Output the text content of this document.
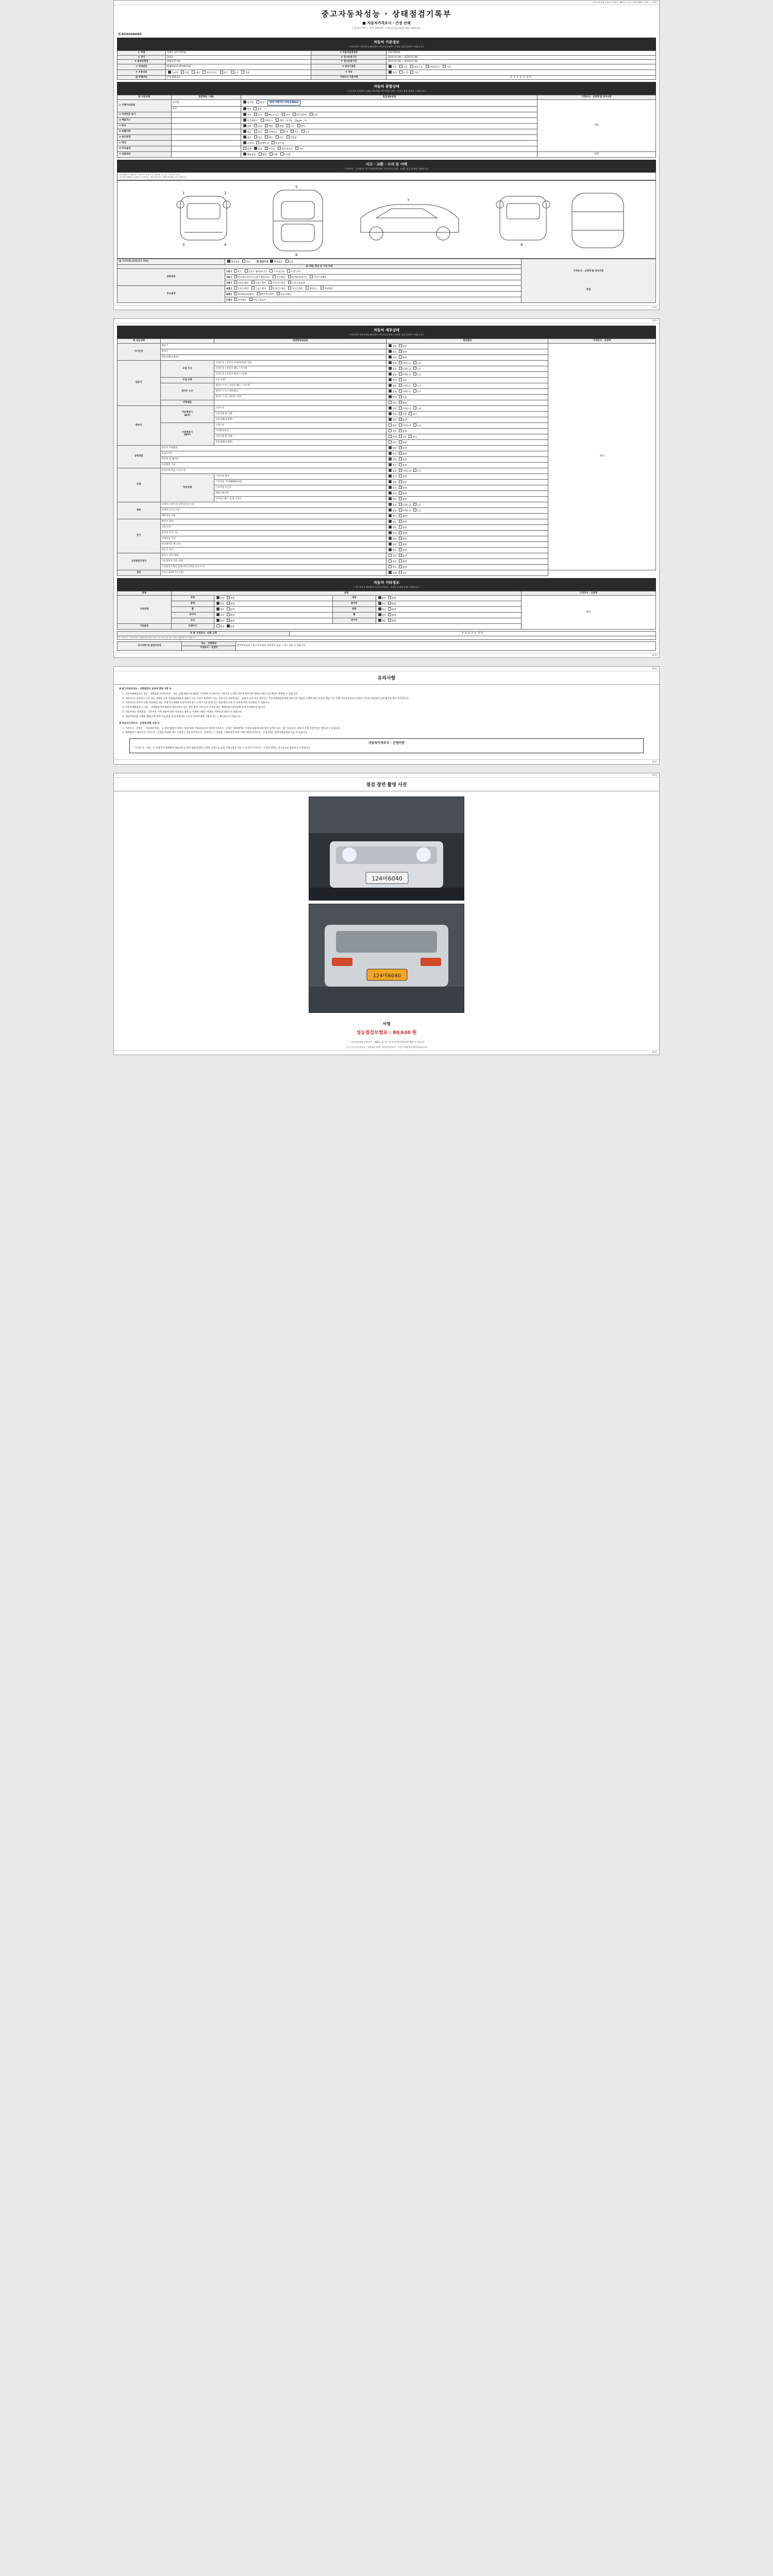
자동차관리법 시행규칙 [별지 제82호서식] <개정 2021.1.15.> (1쪽)
중고자동차성능 · 상태점검기록부
■ 자동차가격조사 · 산정 선택
( 자동차가격조사 · 산정 선택시에는 가격조사·산정 내용을 함께 기재합니다 )
제 822S034839호
자동차 기본정보
( 자동차의 기본정보를 확인하여 자동차성능상태 · 선정을 점검 결과에 기재합니다 )
① 차명	토레스 (4두번깔끔)	② 자동차등록번호	124머6040
③ 연식	2023	④ 검사유효기간	2025-07-09 ~ 2026-07-08
⑤ 최초등록일	2023-07-29	⑥ 검사유효기간	2025-07-09 ~ 2026-07-08
⑦ 차대번호	KPBFA0AT3PP300564	⑧ 변속기종류	자동 수동 세미오토 무단변속기 기타
⑨ 사용연료	가솔린 디젤 LPG 하이브리드 전기 수소 기타	⑨ 색상	원색 유색 기타
⑪ 주행거리	175,950 km	가격조사 기준가액	0 0 0 0 0 만원
자동차 종합상태
( 자동차의 종합적인 상태를 확인하여 자동차성능상태 · 선정을 점검 결과에 기재합니다 )
⑬ 사용상태	점검항목 / 내용	점검내용상태	가격조사 · 산정액 및 특이사항
① 주행거리상태	실주행	실주행 변경 현재 주행거리 170,639km	만원
	변경	양호 불량	
② 차대번호 표기		양호 부식 훼손(오손) 상이 변조(변경) 도말	
③ 배출가스		일산화탄소 탄화수소 매연 0.7% , 15ppm , %	
④ 튜닝		없음 있음 적법 불법 구조 장치	
⑤ 특별이력		없음 있음 수해침수 화재 전손 도난	
⑥ 용도변경		없음 있음 렌트 리스 영업용	
⑦ 색상		무채색 전체도색 부분도색	
⑧ 주요옵션		없음 있음 선루프 내비게이션 기타	
⑨ 리콜대상		해당없음 해당 이행 미이행	만원
사고 · 교환 · 수리 등 이력
( 자동차의 · 선정에 및 특수사항에 확인하여 자동차성능상태 · 선정을 점검 결과에 기재합니다 )
※ (상태표시 방법) ⊙ : 교환 X : 판금 또는 용접 W : 부식 C : 균열 A : 흠집
※ 하단 상태에도 등록하기 곤란하나, 기타 부위까지 상태에 확인해 주시기 바랍니다
1	2
3	4
5
6
7
8
⑭ 사고이력 (교차/사고 여부)	해당없음 있음 ⑮ 단순수리 해당없음 있음	가격조사 · 산정액 및 특이사항
만원

⑯ 교환, 판금 등 이상 부위		
외판부위	1랭크 후드 프론트 휀더(좌,우) 도어(앞,뒤) 트렁크리드	
	2랭크 라디에이터서포트(볼트체결부품) 루프패널 쿼터패널(좌,우) 사이드실패널	
	3랭크 프론트패널 크로스멤버 인사이드패널 트렁크플로어	
주요골격	A랭크 프론트패널 크로스멤버 인사이드패널 사이드멤버 휠하우스 대쉬패널	
	B랭크 필러패널(A,B,C) 패키지트레이 플로어패널	
	C랭크 리어패널 트렁크플로어	
(1쪽)
(2쪽)
자동차 세부상태
( 자동차의 세부상태를 확인하여 자동차성능상태 · 선정을 점검 결과에 기재합니다 )
⑰ 성능상태		점검항목및내용	점검결과	가격조사 · 산정액
자기진단	원동기		양호 불량	만원
	변속기		양호 불량	
	작동상태(공회전)		양호 불량	
원동기	오일 누유	오일누유 | 실린더 커버(로커암) 카바	없음 미세누유 누유	
		오일누유 | 실린더 헤드 / 가스켓	없음 미세누유 누유	
		오일누유 | 실린더 블록 / 오일팬	없음 미세누유 누유	
	오일 유량	오일 유량	적정 부족	
	냉각수 누수	냉각수 누수 | 실린더 헤드 / 가스켓	없음 미세누수 누수	
		냉각수 누수 | 워터펌프	없음 미세누수 누수	
		냉각수 누수 | 냉각수 수량	적정 부족	
	커먼레일		양호 불량	
변속기	자동변속기
(A/T)	오일누유	없음 미세누유 누유	
		오일유량 및 상태	적정 부족 과다	
		작동상태(공회전)	양호 불량	
	수동변속기
(M/T)	오일누유	없음 미세누유 누유	
		기어변속장치	양호 불량	
		오일유량 및 상태	적정 부족 과다	
		작동상태(공회전)	양호 불량	
동력전달	클러치 어셈블리		양호 불량	
	등속조인트		양호 불량	
	추진축 및 베어링		양호 불량	
	디퍼렌셜 기어		양호 불량	
조향	동력조향 작동 오일 누유		없음 미세누유 누유	
	작동상태	스티어링 펌프	양호 불량	
		스티어링 기어(MDPS포함)	양호 불량	
		스티어링 조인트	양호 불량	
		파워크랭크비	양호 불량	
		타이로드엔드 및 볼 조인트	양호 불량	
제동	브레이크 마스터 실린더오일 누유		없음 미세누유 누유	
	브레이크오일 누유		없음 미세누유 누유	
	배력장치 상태		양호 불량	
전기	발전기 출력		양호 불량	
	시동 모터		양호 불량	
	와이퍼 모터 기능		양호 불량	
	실내송풍 모터		양호 불량	
	라디에이터 팬 모터		양호 불량	
	윈도우 모터		양호 불량	
고전원전기장치	충전구 절연 상태		양호 불량	
	구동축전지 격리 상태		양호 불량	
	고전원전기배선 상태(피복,커넥터,보호기구)		양호 불량	
연료	연료누출(LP가스포함)		없음 있음	
자동차 기타정보
( 기타 항목을 확인하여 자동차가격조사 · 선정을 결과에 함께 기재합니다 )
항목	상태				가격조사 · 산정액
사내상태	외장	양호 불량	내장	양호 불량	만원
	광택	양호 불량	룸미러	양호 불량	
	휠	양호 불량	광택	양호 불량	
	타이어	양호 불량	휠	양호 불량	
	유리	양호 불량	타이어	양호 불량	
기본품목	브레이크	없음 있음			
※ 총 가격조사 · 산정 금액	0 0 0 0 0 만원
※ 가격조사 · 산정가격은 실제거래가격과 다를 수 있으며 단순 참고 자료로 활용하시기 바랍니다.
특기사항 및 점검자의견	성능 · 상태점검	엔버미짜임님 / 중고차 특성상 보완적인 판금 도색은 있을 수 있습니다.
가격조사 · 산정자
(3쪽)
(4쪽)
유의사항

※ 중고자동차성능 · 상태점검자 보증에 관한 사항 등

1. 자동차매매업자는 성능 · 상태점검기록부(이하 「성능 상태 제3조에 내용을 고지하지 아니하거나 거짓으로 고지할 경우에 매수인에 대하여 매도인의 책임이 발생할 수 있습니다.
2. 자동차인도일로부터 가진 성능 상태가 이상 상태점검내용과 내용이 다른 사실이 발견되기 있는 보장기간 이내에 성능 · 상태가 다른 경우 매수인은 자동차매매업자에게 매수인의 책임과 상태에 따른 보상을 책임 기간 주행거리(자동차인도일부터 기산한 책임범위 등에 확인을 받으시면 됩니다.
3. 자동차인도일부터 보장기간(30일 또는 주행거리 2000 킬로미터에 중고 산정가기준 발생 사고 보증계약 선행 등 보증에 따라 보상받을 수 있습니다.
4. 자동차매매업자 등 성능 · 상태점검자에 대하여 민원사항이 있는 경우 관할 시장·군수·구청장 또는 매매사업조합연합회 등에 문의하시면 됩니다.
5. 자동차성능 상태점검 · 기록부의 기재 내용에 대한 이의제기 절차 등 자세한 사항은 아래의 기관에 문의하시기 바랍니다.
6. 자동차관리법 시행령 제21조에 따라 성능점검 및 보증계약을 소비자 보호에 관한 사항을 반드시 확인하시기 바랍니다.

※ 자동차가격조사 · 산정에 관한 사항 등

1. 가격조사 · 산정은 「자동차관리법」 등 관련 법령이 정하는 바에 따라 작성되었으며 자동차가격조사 · 산정은 매매계약의 가격에 내용에 따라 법적 효력이 있는 것은 아닙니다. 따라서 실제 거래가격은 변동될 수 있습니다.
2. 매매업자가 매수인의 가격조사 · 산정을 의뢰한 경우 산정자는 자동차가격조사 · 산정자는 그 결과를 기재하여야 하며 이때 자동차가격조사 · 산정금액은 실제거래금액과 다를 수 있습니다.
자동차가격조사 · 산정이란
「가격조사 · 산정」은 실제가격 매매계약 제3조에 등 관련 법령에 따라 산정된 금액으로 실제 거래금액과 다를 수 있으며 가격조사 · 산정의 결과는 참고자료로 활용하시기 바랍니다.
(4쪽)
(5쪽)
점검 장면 촬영 사진
124머6040
124머6040
서명
성능점검보험료 : 80,630 원
「자동차관리법 시행규칙」 제82호 및 성능 및 자동차에 제33조에 해당 서식입니다
[ ⊙ ] 중고자동차성능 · 상태점검 결과 | 자동차가격조사 · 산정 1 내용검과 확인하셨습니다
(5쪽)
